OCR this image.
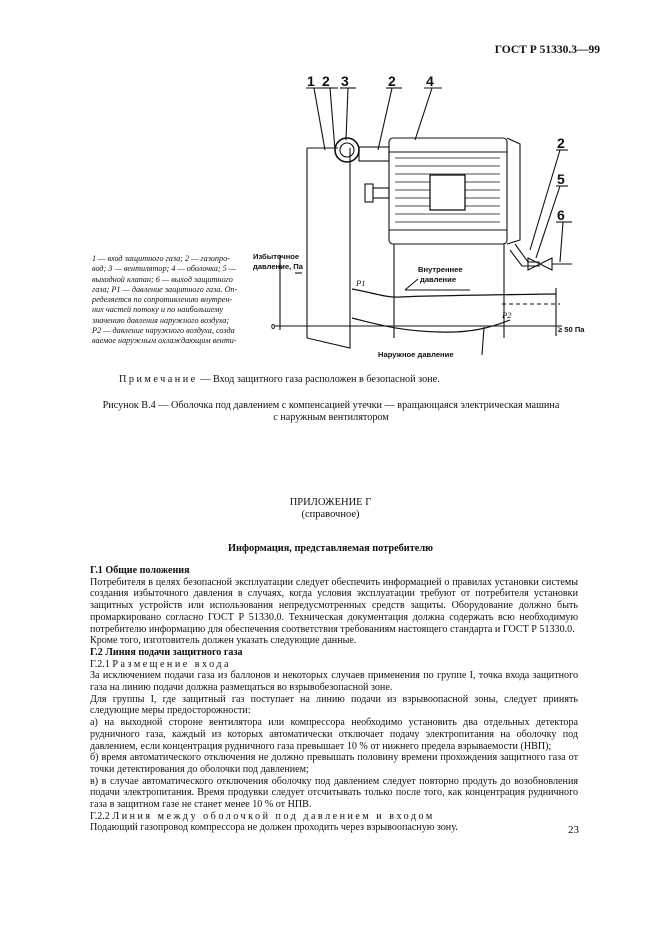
ГОСТ Р 51330.3—99
1 2 3	2 4
2
5
6
Избыточное
давление, Па	Внутреннее
давление
Наружное давление
0	≥ 50 Па
Р1
Р2
1 — вход защитного газа; 2 — газопро-
вод; 3 — вентилятор; 4 — оболочка; 5 —
выходной клапан; 6 — выход защитного
газа; Р1 — давление защитного газа. Оп-
ределяется по сопротивлению внутрен-
них частей потоку и по наибольшему
значению давления наружного воздуха;
Р2 — давление наружного воздуха, созда
ваемое наружным охлаждающим венти-
Примечание — Вход защитного газа расположен в безопасной зоне.
Рисунок В.4 — Оболочка под давлением с компенсацией утечки — вращающаяся электрическая машина
с наружным вентилятором
ПРИЛОЖЕНИЕ Г
(справочное)
Информация, представляемая потребителю
Г.1 Общие положения
Потребителя в целях безопасной эксплуатации следует обеспечить информацией о правилах установки системы создания избыточного давления в случаях, когда условия эксплуатации требуют от потребителя установки защитных устройств или использования непредусмотренных средств защиты. Оборудование должно быть промаркировано согласно ГОСТ Р 51330.0. Техническая документация должна содержать всю необходимую потребителю информацию для обеспечения соответствия требованиям настоящего стандарта и ГОСТ Р 51330.0.
Кроме того, изготовитель должен указать следующие данные.
Г.2 Линия подачи защитного газа
Г.2.1 Размещение входа
За исключением подачи газа из баллонов и некоторых случаев применения по группе I, точка входа защитного газа на линию подачи должна размещаться во взрывобезопасной зоне.
Для группы I, где защитный газ поступает на линию подачи из взрывоопасной зоны, следует принять следующие меры предосторожности:
а) на выходной стороне вентилятора или компрессора необходимо установить два отдельных детектора рудничного газа, каждый из которых автоматически отключает подачу электропитания на оболочку под давлением, если концентрация рудничного газа превышает 10 % от нижнего предела взрываемости (НВП);
б) время автоматического отключения не должно превышать половину времени прохождения защитного газа от точки детектирования до оболочки под давлением;
в) в случае автоматического отключения оболочку под давлением следует повторно продуть до возобновления подачи электропитания. Время продувки следует отсчитывать только после того, как концентрация рудничного газа в защитном газе не станет менее 10 % от НПВ.
Г.2.2 Линия между оболочкой под давлением и входом
Подающий газопровод компрессора не должен проходить через взрывоопасную зону.	23
